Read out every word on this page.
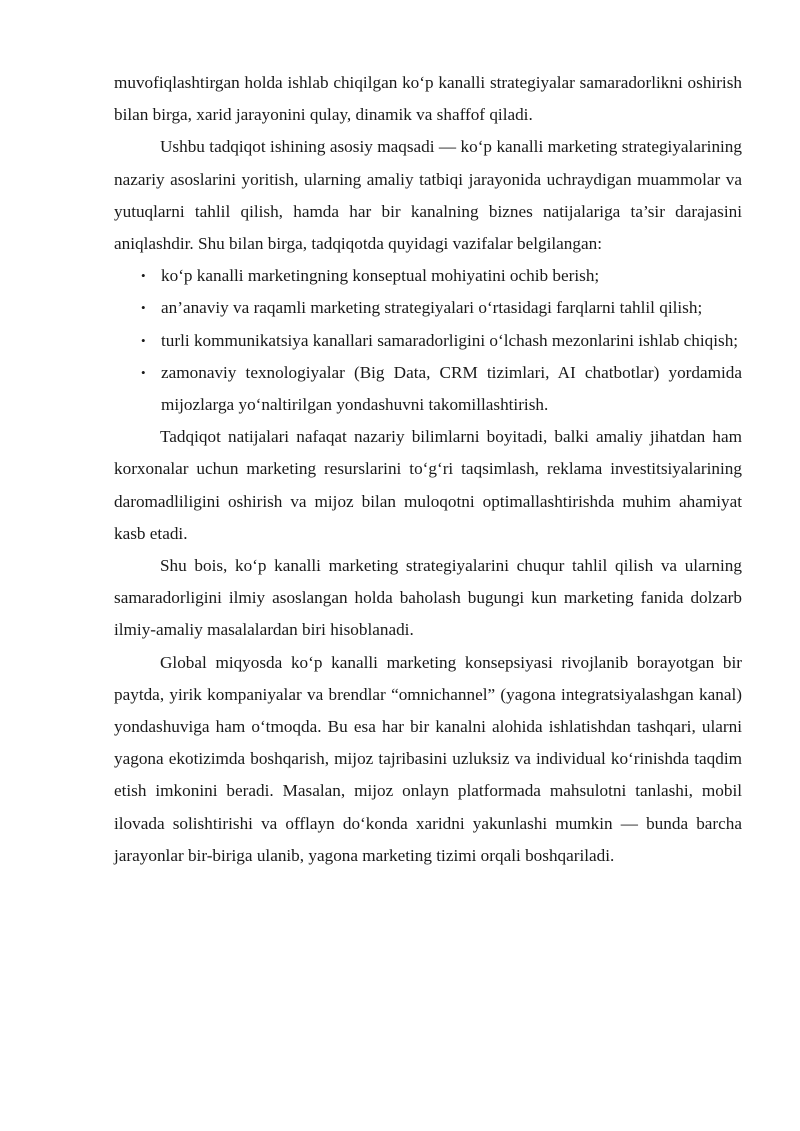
muvofiqlashtirgan holda ishlab chiqilgan ko‘p kanalli strategiyalar samaradorlikni oshirish bilan birga, xarid jarayonini qulay, dinamik va shaffof qiladi.

Ushbu tadqiqot ishining asosiy maqsadi — ko‘p kanalli marketing strategiyalarining nazariy asoslarini yoritish, ularning amaliy tatbiqi jarayonida uchraydigan muammolar va yutuqlarni tahlil qilish, hamda har bir kanalning biznes natijalariga ta’sir darajasini aniqlashdir. Shu bilan birga, tadqiqotda quyidagi vazifalar belgilangan:

• ko‘p kanalli marketingning konseptual mohiyatini ochib berish;
• an’anaviy va raqamli marketing strategiyalari o‘rtasidagi farqlarni tahlil qilish;
• turli kommunikatsiya kanallari samaradorligini o‘lchash mezonlarini ishlab chiqish;
• zamonaviy texnologiyalar (Big Data, CRM tizimlari, AI chatbotlar) yordamida mijozlarga yo‘naltirilgan yondashuvni takomillashtirish.

Tadqiqot natijalari nafaqat nazariy bilimlarni boyitadi, balki amaliy jihatdan ham korxonalar uchun marketing resurslarini to‘g‘ri taqsimlash, reklama investitsiyalarining daromadliligini oshirish va mijoz bilan muloqotni optimallashtirishda muhim ahamiyat kasb etadi.

Shu bois, ko‘p kanalli marketing strategiyalarini chuqur tahlil qilish va ularning samaradorligini ilmiy asoslangan holda baholash bugungi kun marketing fanida dolzarb ilmiy-amaliy masalalardan biri hisoblanadi.

Global miqyosda ko‘p kanalli marketing konsepsiyasi rivojlanib borayotgan bir paytda, yirik kompaniyalar va brendlar “omnichannel” (yagona integratsiyalashgan kanal) yondashuviga ham o‘tmoqda. Bu esa har bir kanalni alohida ishlatishdan tashqari, ularni yagona ekotizimda boshqarish, mijoz tajribasini uzluksiz va individual ko‘rinishda taqdim etish imkonini beradi. Masalan, mijoz onlayn platformada mahsulotni tanlashi, mobil ilovada solishtirishi va offlayn do‘konda xaridni yakunlashi mumkin — bunda barcha jarayonlar bir-biriga ulanib, yagona marketing tizimi orqali boshqariladi.
